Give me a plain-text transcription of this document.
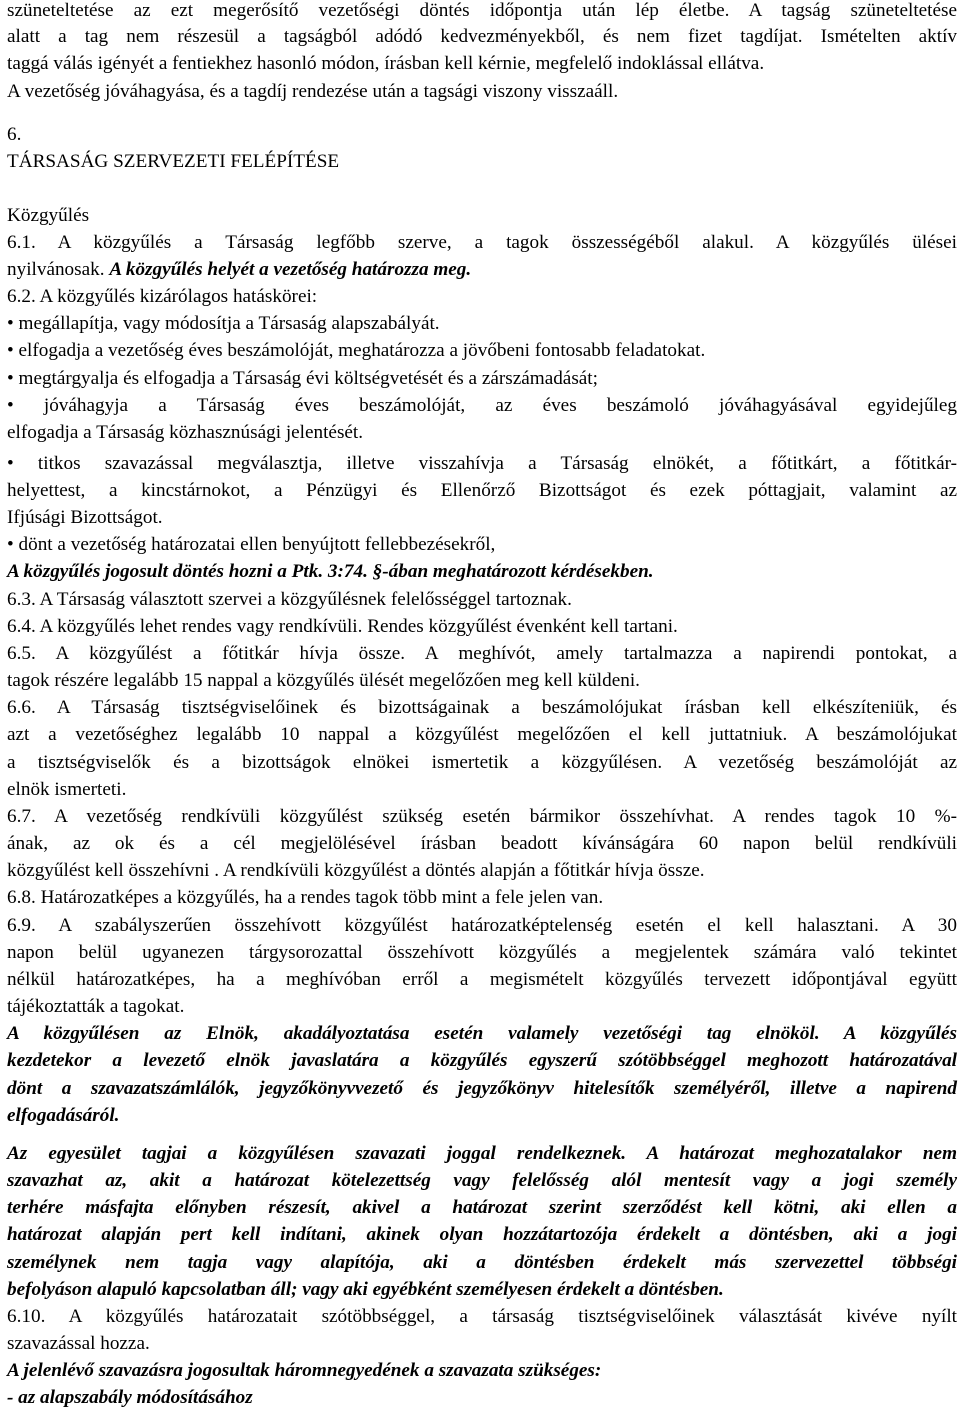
szüneteltetése az ezt megerősítő vezetőségi döntés időpontja után lép életbe. A tagság szüneteltetése
alatt a tag nem részesül a tagságból adódó kedvezményekből, és nem fizet tagdíjat. Ismételten aktív
taggá válás igényét a fentiekhez hasonló módon, írásban kell kérnie, megfelelő indoklással ellátva.
A vezetőség jóváhagyása, és a tagdíj rendezése után a tagsági viszony visszaáll.
6.
TÁRSASÁG SZERVEZETI FELÉPÍTÉSE
Közgyűlés
6.1. A közgyűlés a Társaság legfőbb szerve, a tagok összességéből alakul. A közgyűlés ülései
nyilvánosak. A közgyűlés helyét a vezetőség határozza meg.
6.2. A közgyűlés kizárólagos hatáskörei:
• megállapítja, vagy módosítja a Társaság alapszabályát.
• elfogadja a vezetőség éves beszámolóját, meghatározza a jövőbeni fontosabb feladatokat.
• megtárgyalja és elfogadja a Társaság évi költségvetését és a zárszámadását;
• jóváhagyja a Társaság éves beszámolóját, az éves beszámoló jóváhagyásával egyidejűleg
elfogadja a Társaság közhasznúsági jelentését.
• titkos szavazással megválasztja, illetve visszahívja a Társaság elnökét, a főtitkárt, a főtitkár-
helyettest, a kincstárnokot, a Pénzügyi és Ellenőrző Bizottságot és ezek póttagjait, valamint az
Ifjúsági Bizottságot.
• dönt a vezetőség határozatai ellen benyújtott fellebbezésekről,
A közgyűlés jogosult döntés hozni a Ptk. 3:74. §-ában meghatározott kérdésekben.
6.3. A Társaság választott szervei a közgyűlésnek felelősséggel tartoznak.
6.4. A közgyűlés lehet rendes vagy rendkívüli. Rendes közgyűlést évenként kell tartani.
6.5. A közgyűlést a főtitkár hívja össze. A meghívót, amely tartalmazza a napirendi pontokat, a
tagok részére legalább 15 nappal a közgyűlés ülését megelőzően meg kell küldeni.
6.6. A Társaság tisztségviselőinek és bizottságainak a beszámolójukat írásban kell elkészíteniük, és
azt a vezetőséghez legalább 10 nappal a közgyűlést megelőzően el kell juttatniuk. A beszámolójukat
a tisztségviselők és a bizottságok elnökei ismertetik a közgyűlésen. A vezetőség beszámolóját az
elnök ismerteti.
6.7. A vezetőség rendkívüli közgyűlést szükség esetén bármikor összehívhat. A rendes tagok 10 %-
ának, az ok és a cél megjelölésével írásban beadott kívánságára 60 napon belül rendkívüli
közgyűlést kell összehívni . A rendkívüli közgyűlést a döntés alapján a főtitkár hívja össze.
6.8. Határozatképes a közgyűlés, ha a rendes tagok több mint a fele jelen van.
6.9. A szabályszerűen összehívott közgyűlést határozatképtelenség esetén el kell halasztani. A 30
napon belül ugyanezen tárgysorozattal összehívott közgyűlés a megjelentek számára való tekintet
nélkül határozatképes, ha a meghívóban erről a megismételt közgyűlés tervezett időpontjával együtt
tájékoztatták a tagokat.
A közgyűlésen az Elnök, akadályoztatása esetén valamely vezetőségi tag elnököl. A közgyűlés
kezdetekor a levezető elnök javaslatára a közgyűlés egyszerű szótöbbséggel meghozott határozatával
dönt a szavazatszámlálók, jegyzőkönyvvezető és jegyzőkönyv hitelesítők személyéről, illetve a napirend
elfogadásáról.
Az egyesület tagjai a közgyűlésen szavazati joggal rendelkeznek. A határozat meghozatalakor nem
szavazhat az, akit a határozat kötelezettség vagy felelősség alól mentesít vagy a jogi személy
terhére másfajta előnyben részesít, akivel a határozat szerint szerződést kell kötni, aki ellen a
határozat alapján pert kell indítani, akinek olyan hozzátartozója érdekelt a döntésben, aki a jogi
személynek nem tagja vagy alapítója, aki a döntésben érdekelt más szervezettel többségi
befolyáson alapuló kapcsolatban áll; vagy aki egyébként személyesen érdekelt a döntésben.
6.10. A közgyűlés határozatait szótöbbséggel, a társaság tisztségviselőinek választását kivéve nyílt
szavazással hozza.
A jelenlévő szavazásra jogosultak háromnegyedének a szavazata szükséges:
- az alapszabály módosításához
